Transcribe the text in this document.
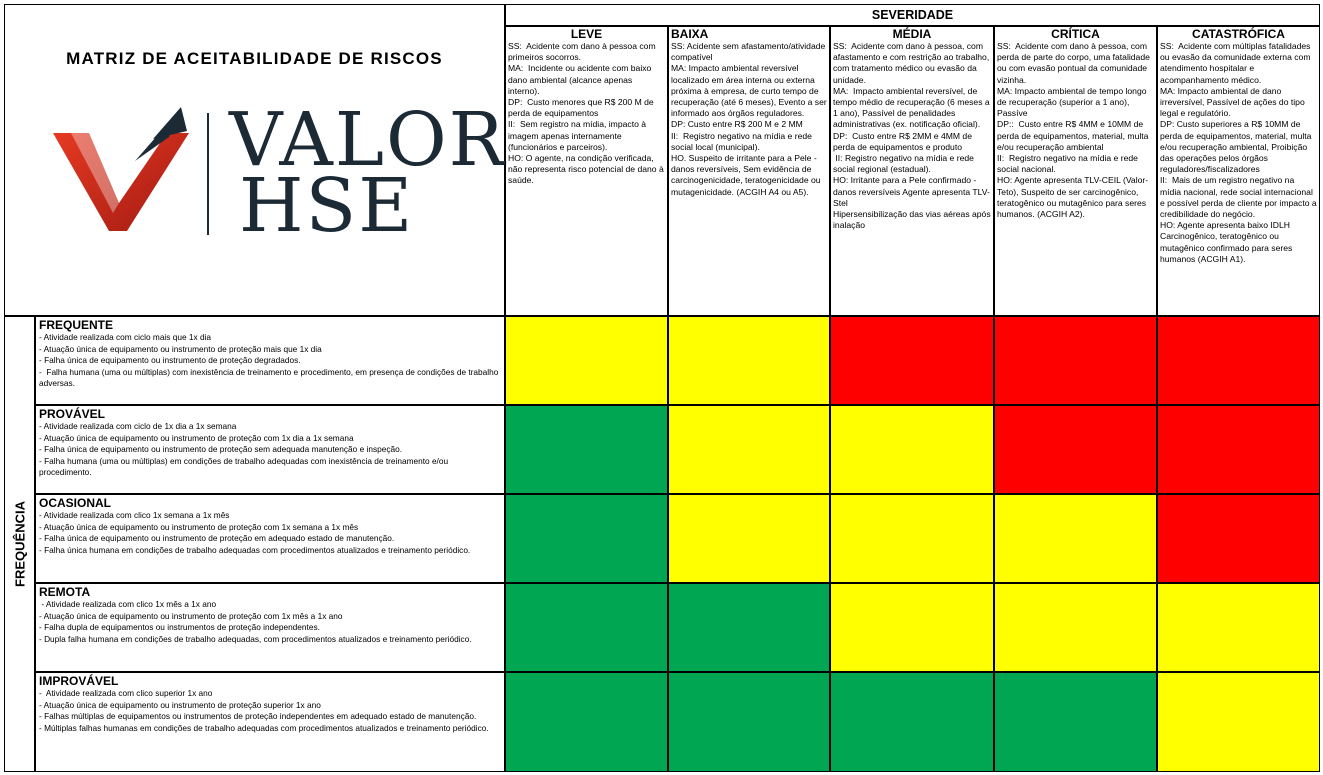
MATRIZ DE ACEITABILIDADE DE RISCOS
VALOR
HSE
SEVERIDADE
LEVE
SS:  Acidente com dano à pessoa com primeiros socorros.
MA:  Incidente ou acidente com baixo dano ambiental (alcance apenas interno).
DP:  Custo menores que R$ 200 M de perda de equipamentos
II:  Sem registro na mídia, impacto à imagem apenas internamente (funcionários e parceiros).
HO: O agente, na condição verificada, não representa risco potencial de dano à saúde.
BAIXA
SS: Acidente sem afastamento/atividade compatível
MA: Impacto ambiental reversível localizado em área interna ou externa próxima à empresa, de curto tempo de recuperação (até 6 meses), Evento a ser informado aos órgãos reguladores.
DP: Custo entre R$ 200 M e 2 MM
II:  Registro negativo na mídia e rede social local (municipal).
HO. Suspeito de irritante para a Pele - danos reversíveis, Sem evidência de carcinogenicidade, teratogenicidade ou mutagenicidade. (ACGIH A4 ou A5).
MÉDIA
SS:  Acidente com dano à pessoa, com afastamento e com restrição ao trabalho, com tratamento médico ou evasão da unidade.
MA:  Impacto ambiental reversível, de tempo médio de recuperação (6 meses a 1 ano), Passível de penalidades administrativas (ex. notificação oficial).
DP:  Custo entre R$ 2MM e 4MM de perda de equipamentos e produto
II: Registro negativo na mídia e rede social regional (estadual).
HO: Irritante para a Pele confirmado - danos reversíveis Agente apresenta TLV-Stel
Hipersensibilização das vias aéreas após inalação
CRÍTICA
SS:  Acidente com dano à pessoa, com  perda de parte do corpo, uma fatalidade ou com evasão pontual da comunidade vizinha.
MA: Impacto ambiental de tempo longo de recuperação (superior a 1 ano), Passíve
DP::  Custo entre R$ 4MM e 10MM de perda de equipamentos, material, multa e/ou recuperação ambiental
II:  Registro negativo na mídia e rede social nacional.
HO: Agente apresenta TLV-CEIL (Valor-Teto), Suspeito de ser carcinogênico, teratogênico ou mutagênico para seres humanos. (ACGIH A2).
CATASTRÓFICA
SS:  Acidente com múltiplas fatalidades ou evasão da comunidade externa com atendimento hospitalar e acompanhamento médico.
MA: Impacto ambiental de dano irreversível, Passível de ações do tipo legal e regulatório.
DP: Custo superiores a R$ 10MM de perda de equipamentos, material, multa e/ou recuperação ambiental, Proibição das operações pelos órgãos reguladores/fiscalizadores
II:  Mais de um registro negativo na mídia nacional, rede social internacional e possível perda de cliente por impacto a credibilidade do negócio.
HO: Agente apresenta baixo IDLH Carcinogênico, teratogênico ou mutagênico confirmado para seres humanos (ACGIH A1).
FREQUÊNCIA
FREQUENTE
- Atividade realizada com ciclo mais que 1x dia
- Atuação única de equipamento ou instrumento de proteção mais que 1x dia
- Falha única de equipamento ou instrumento de proteção degradados.
-  Falha humana (uma ou múltiplas) com inexistência de treinamento e procedimento, em presença de condições de trabalho adversas.
PROVÁVEL
- Atividade realizada com ciclo de 1x dia a 1x semana
- Atuação única de equipamento ou instrumento de proteção com 1x dia a 1x semana
- Falha única de equipamento ou instrumento de proteção sem adequada manutenção e inspeção.
- Falha humana (uma ou múltiplas) em condições de trabalho adequadas com inexistência de treinamento e/ou procedimento.
OCASIONAL
- Atividade realizada com clico 1x semana a 1x mês
- Atuação única de equipamento ou instrumento de proteção com 1x semana a 1x mês
- Falha única de equipamento ou instrumento de proteção em adequado estado de manutenção.
- Falha única humana em condições de trabalho adequadas com procedimentos atualizados e treinamento periódico.
REMOTA
- Atividade realizada com clico 1x mês a 1x ano
- Atuação única de equipamento ou instrumento de proteção com 1x mês a 1x ano
- Falha dupla de equipamentos ou instrumentos de proteção independentes.
- Dupla falha humana em condições de trabalho adequadas, com procedimentos atualizados e treinamento periódico.
IMPROVÁVEL
-  Atividade realizada com clico superior 1x ano
- Atuação única de equipamento ou instrumento de proteção superior 1x ano
- Falhas múltiplas de equipamentos ou instrumentos de proteção independentes em adequado estado de manutenção.
- Múltiplas falhas humanas em condições de trabalho adequadas com procedimentos atualizados e treinamento periódico.
